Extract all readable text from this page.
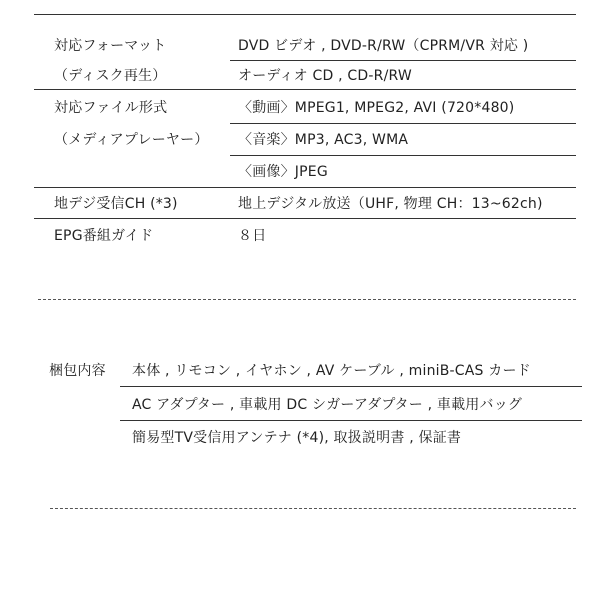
対応フォーマット	DVD ビデオ , DVD-R/RW（CPRM/VR 対応 )
（ディスク再生）	オーディオ CD , CD-R/RW
対応ファイル形式	〈動画〉MPEG1, MPEG2, AVI (720*480)
（メディアプレーヤー） 〈音楽〉MP3, AC3, WMA
〈画像〉JPEG
地デジ受信CH (*3)	地上デジタル放送（UHF, 物理 CH：13~62ch)
EPG番組ガイド	８日
梱包内容 本体 , リモコン , イヤホン , AV ケーブル , miniB-CAS カード
AC アダプター , 車載用 DC シガーアダプター , 車載用バッグ
簡易型TV受信用アンテナ (*4), 取扱説明書 , 保証書
